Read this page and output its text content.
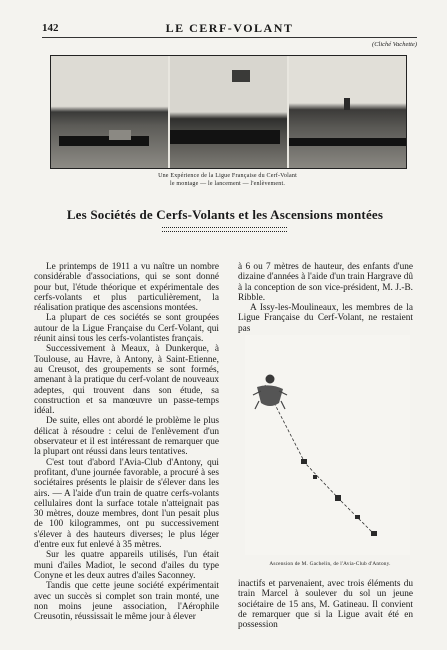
142	LE CERF-VOLANT
(Cliché Vachette)
Une Expérience de la Ligue Française du Cerf-Volant
le montage — le lancement — l'enlèvement.
Les Sociétés de Cerfs-Volants et les Ascensions montées

Le printemps de 1911 a vu naître un nombre considérable d'associations, qui se sont donné pour but, l'étude théorique et expérimentale des cerfs-volants et plus particulièrement, la réalisation pratique des ascensions montées.

La plupart de ces sociétés se sont groupées autour de la Ligue Française du Cerf-Volant, qui réunit ainsi tous les cerfs-volantistes français.

Successivement à Meaux, à Dunkerque, à Toulouse, au Havre, à Antony, à Saint-Etienne, au Creusot, des groupements se sont formés, amenant à la pratique du cerf-volant de nouveaux adeptes, qui trouvent dans son étude, sa construction et sa manœuvre un passe-temps idéal.

De suite, elles ont abordé le problème le plus délicat à résoudre : celui de l'enlèvement d'un observateur et il est intéressant de remarquer que la plupart ont réussi dans leurs tentatives.

C'est tout d'abord l'Avia-Club d'Antony, qui profitant, d'une journée favorable, a procuré à ses sociétaires présents le plaisir de s'élever dans les airs. — A l'aide d'un train de quatre cerfs-volants cellulaires dont la surface totale n'atteignait pas 30 mètres, douze membres, dont l'un pesait plus de 100 kilogrammes, ont pu successivement s'élever à des hauteurs diverses; le plus léger d'entre eux fut enlevé à 35 mètres.

Sur les quatre appareils utilisés, l'un était muni d'ailes Madiot, le second d'ailes du type Conyne et les deux autres d'ailes Saconney.

Tandis que cette jeune société expérimentait avec un succès si complet son train monté, une non moins jeune association, l'Aérophile Creusotin, réussissait le même jour à élever

à 6 ou 7 mètres de hauteur, des enfants d'une dizaine d'années à l'aide d'un train Hargrave dû à la conception de son vice-président, M. J.-B. Ribble.

A Issy-les-Moulineaux, les membres de la Ligue Française du Cerf-Volant, ne restaient pas

Ascension de M. Gachelin, de l'Avia-Club d'Antony.

inactifs et parvenaient, avec trois éléments du train Marcel à soulever du sol un jeune sociétaire de 15 ans, M. Gatineau. Il convient de remarquer que si la Ligue avait été en possession
